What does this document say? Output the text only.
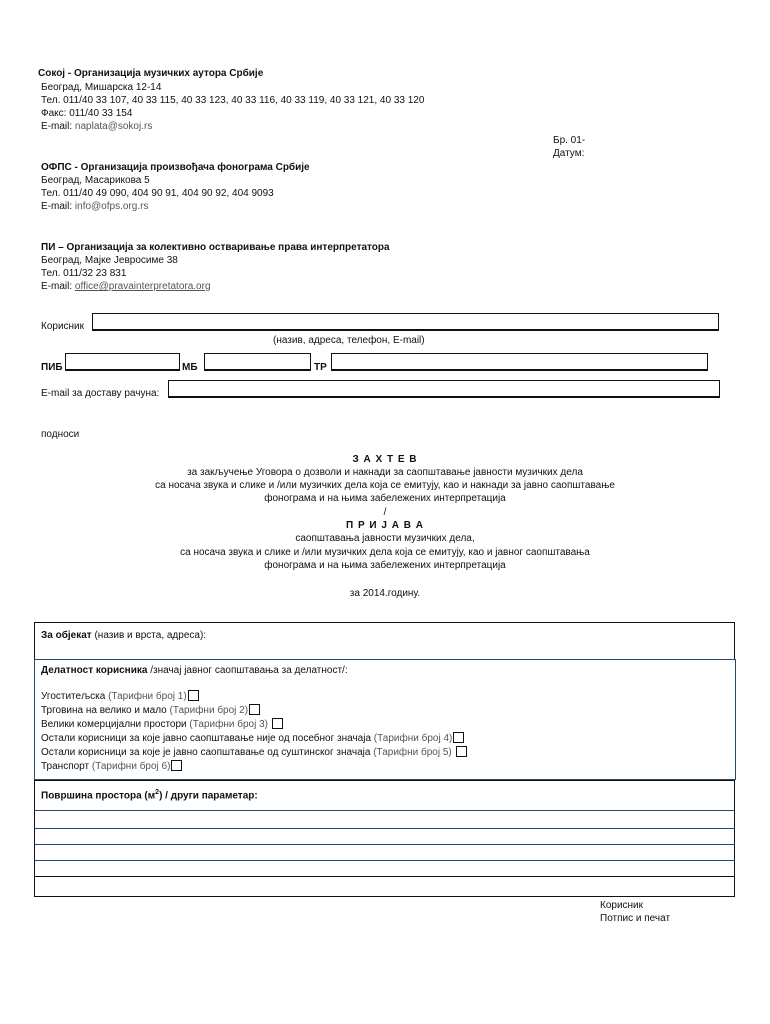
Сокој - Организација музичких аутора Србије
Београд, Мишарска 12-14
Тел. 011/40 33 107, 40 33 115, 40 33 123, 40 33 116, 40 33 119, 40 33 121, 40 33 120
Факс: 011/40 33 154
E-mail: naplata@sokoj.rs
Бр. 01-
Датум:
ОФПС - Организација произвођача фонограма Србије
Београд, Масарикова 5
Тел. 011/40 49 090, 404 90 91, 404 90 92, 404 9093
E-mail: info@ofps.org.rs
ПИ – Организација за колективно остваривање права интерпретатора
Београд, Мајке Јевросиме 38
Тел. 011/32 23 831
E-mail: office@pravainterpretatora.org
Корисник
(назив, адреса, телефон, E-mail)
ПИБ	МБ	ТР
E-mail за доставу рачуна:
подноси
З А Х Т Е В
за закључење Уговора о дозволи и накнади за саопштавање јавности музичких дела
са носача звука и слике и /или музичких дела која се емитују, као и накнади за јавно саопштавање
фонограма и на њима забележених интерпретација
/
П Р И Ј А В А
саопштавања јавности музичких дела,
са носача звука и слике и /или музичких дела која се емитују, као и јавног саопштавања
фонограма и на њима забележених интерпретација
за 2014.годину.
За објекат (назив и врста, адреса):
Делатност корисника /значај јавног саопштавања за делатност/:
Угоститељска (Тарифни број 1)
Трговина на велико и мало (Тарифни број 2)
Велики комерцијални простори (Тарифни број 3)
Остали корисници за које јавно саопштавање није од посебног значаја (Тарифни број 4)
Остали корисници за које је јавно саопштавање од суштинског значаја (Тарифни број 5)
Транспорт (Тарифни број 6)
Површина простора $(м^2)$ / други параметар:
Корисник
Потпис и печат
